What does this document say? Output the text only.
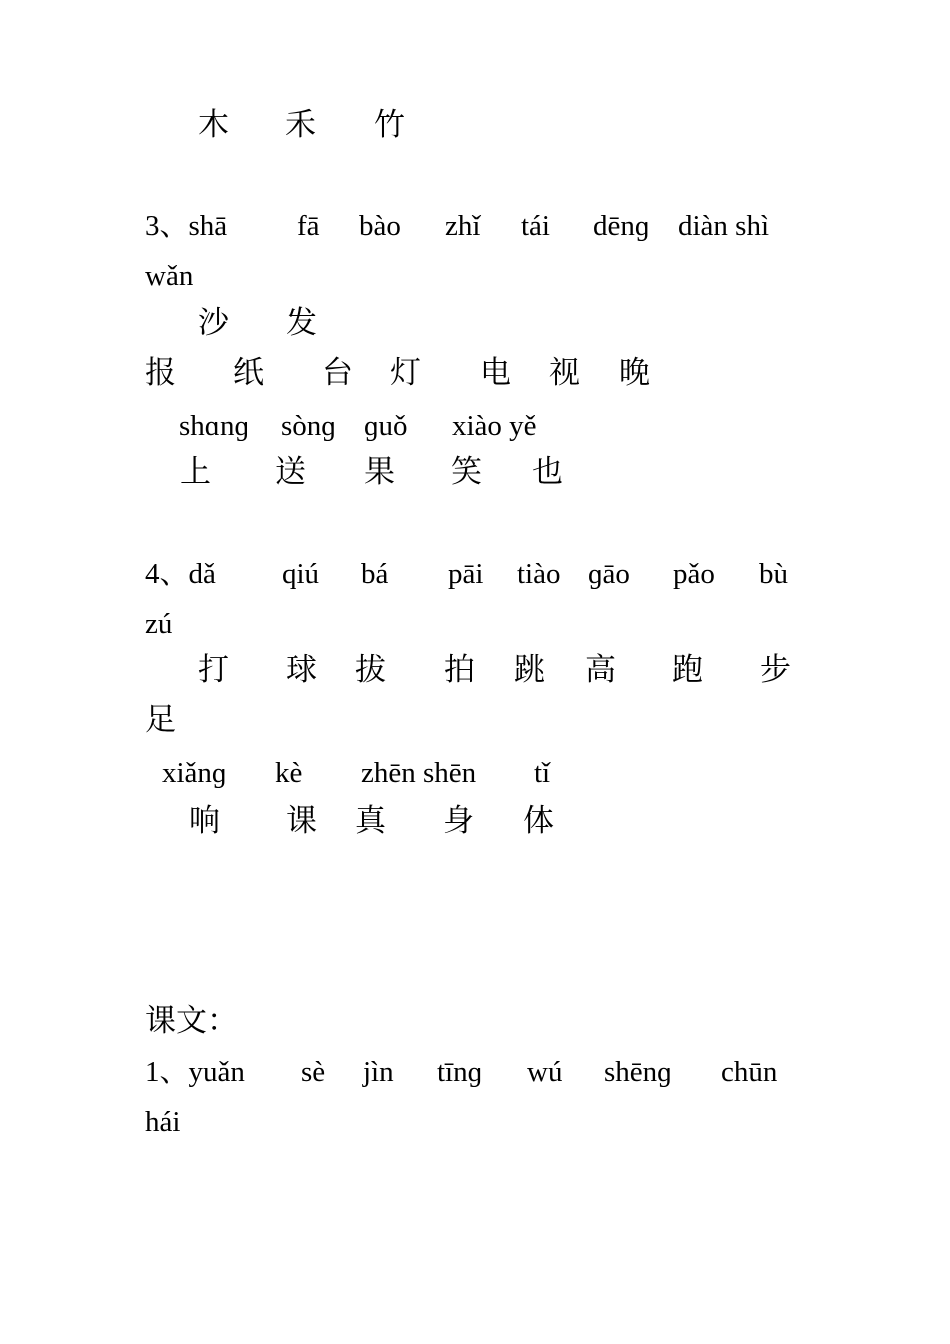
木 禾 竹
3、shā fā bào zhǐ tái dēnɡ diàn shì
wǎn
沙 发
报 纸 台 灯 电 视 晚
shɑnɡ sònɡ ɡuǒ xiào yě
上 送 果 笑 也
4、dǎ qiú bá pāi tiào ɡāo pǎo bù
zú
打 球 拔 拍 跳 高 跑 步
足
xiǎnɡ kè zhēn shēn tǐ
响 课 真 身 体
课文：
1、yuǎn sè jìn tīnɡ wú shēnɡ chūn
hái
